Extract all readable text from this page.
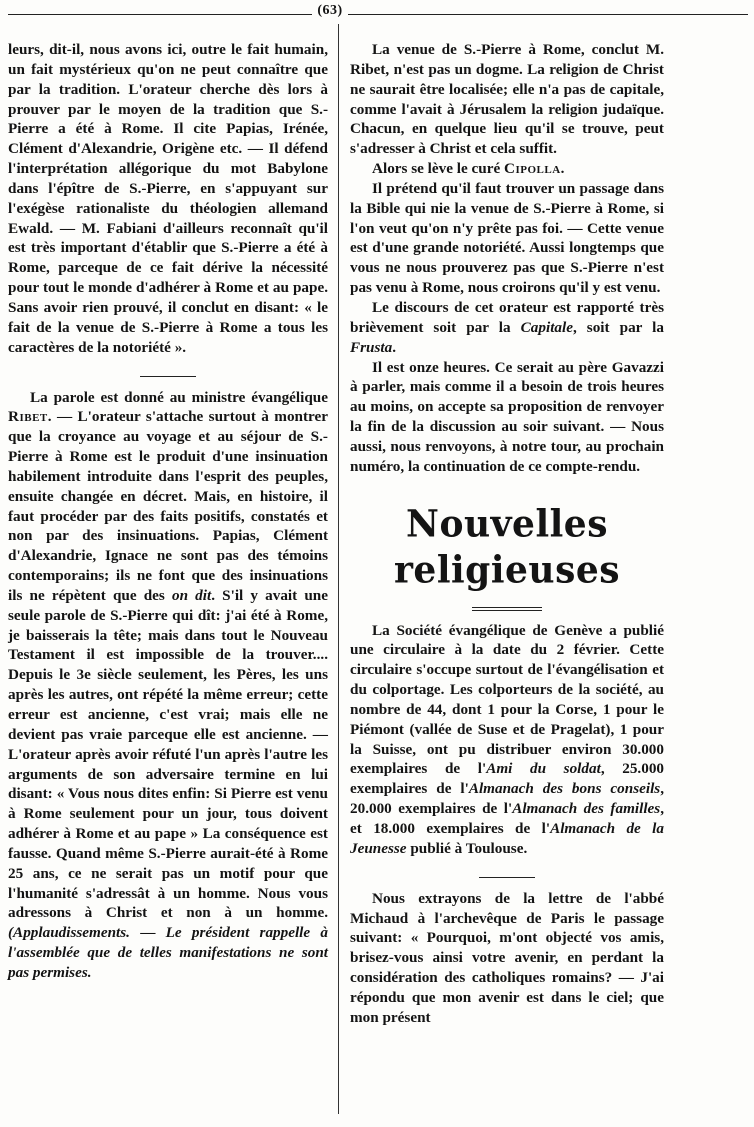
(63)

leurs, dit-il, nous avons ici, outre le fait humain, un fait mystérieux qu'on ne peut connaître que par la tradition. L'orateur cherche dès lors à prouver par le moyen de la tradition que S.-Pierre a été à Rome. Il cite Papias, Irénée, Clément d'Alexandrie, Origène etc. — Il défend l'interprétation allégorique du mot Babylone dans l'épître de S.-Pierre, en s'appuyant sur l'exégèse rationaliste du théologien allemand Ewald. — M. Fabiani d'ailleurs reconnaît qu'il est très important d'établir que S.-Pierre a été à Rome, parceque de ce fait dérive la nécessité pour tout le monde d'adhérer à Rome et au pape. Sans avoir rien prouvé, il conclut en disant: « le fait de la venue de S.-Pierre à Rome a tous les caractères de la notoriété ».

La parole est donné au ministre évangélique Ribet. — L'orateur s'attache surtout à montrer que la croyance au voyage et au séjour de S.-Pierre à Rome est le produit d'une insinuation habilement introduite dans l'esprit des peuples, ensuite changée en décret. Mais, en histoire, il faut procéder par des faits positifs, constatés et non par des insinuations. Papias, Clément d'Alexandrie, Ignace ne sont pas des témoins contemporains; ils ne font que des insinuations ils ne répètent que des on dit. S'il y avait une seule parole de S.-Pierre qui dît: j'ai été à Rome, je baisserais la tête; mais dans tout le Nouveau Testament il est impossible de la trouver.... Depuis le 3e siècle seulement, les Pères, les uns après les autres, ont répété la même erreur; cette erreur est ancienne, c'est vrai; mais elle ne devient pas vraie parceque elle est ancienne. — L'orateur après avoir réfuté l'un après l'autre les arguments de son adversaire termine en lui disant: « Vous nous dites enfin: Si Pierre est venu à Rome seulement pour un jour, tous doivent adhérer à Rome et au pape » La conséquence est fausse. Quand même S.-Pierre aurait-été à Rome 25 ans, ce ne serait pas un motif pour que l'humanité s'adressât à un homme. Nous vous adressons à Christ et non à un homme. (Applaudissements. — Le président rappelle à l'assemblée que de telles manifestations ne sont pas permises.

La venue de S.-Pierre à Rome, conclut M. Ribet, n'est pas un dogme. La religion de Christ ne saurait être localisée; elle n'a pas de capitale, comme l'avait à Jérusalem la religion judaïque. Chacun, en quelque lieu qu'il se trouve, peut s'adresser à Christ et cela suffit.

Alors se lève le curé Cipolla.

Il prétend qu'il faut trouver un passage dans la Bible qui nie la venue de S.-Pierre à Rome, si l'on veut qu'on n'y prête pas foi. — Cette venue est d'une grande notoriété. Aussi longtemps que vous ne nous prouverez pas que S.-Pierre n'est pas venu à Rome, nous croirons qu'il y est venu.

Le discours de cet orateur est rapporté très brièvement soit par la Capitale, soit par la Frusta.

Il est onze heures. Ce serait au père Gavazzi à parler, mais comme il a besoin de trois heures au moins, on accepte sa proposition de renvoyer la fin de la discussion au soir suivant. — Nous aussi, nous renvoyons, à notre tour, au prochain numéro, la continuation de ce compte-rendu.

Nouvelles religieuses

La Société évangélique de Genève a publié une circulaire à la date du 2 février. Cette circulaire s'occupe surtout de l'évangélisation et du colportage. Les colporteurs de la société, au nombre de 44, dont 1 pour la Corse, 1 pour le Piémont (vallée de Suse et de Pragelat), 1 pour la Suisse, ont pu distribuer environ 30.000 exemplaires de l'Ami du soldat, 25.000 exemplaires de l'Almanach des bons conseils, 20.000 exemplaires de l'Almanach des familles, et 18.000 exemplaires de l'Almanach de la Jeunesse publié à Toulouse.

Nous extrayons de la lettre de l'abbé Michaud à l'archevêque de Paris le passage suivant: « Pourquoi, m'ont objecté vos amis, brisez-vous ainsi votre avenir, en perdant la considération des catholiques romains? — J'ai répondu que mon avenir est dans le ciel; que mon présent
